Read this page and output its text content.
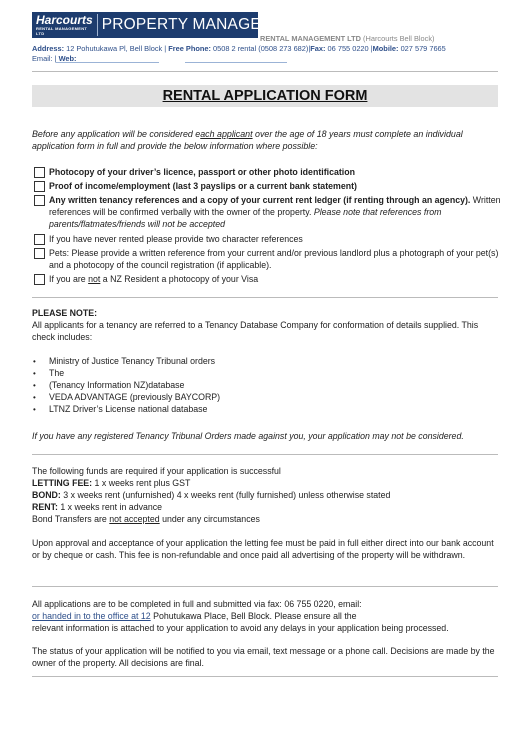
Harcourts
RENTAL MANAGEMENT LTD
PROPERTY MANAGEMENT
RENTAL MANAGEMENT LTD (Harcourts Bell Block)
Address: 12 Pohutukawa Pl, Bell Block | Free Phone: 0508 2 rental (0508 273 682)|Fax: 06 755 0220 |Mobile: 027 579 7665
Email: | Web:
RENTAL APPLICATION FORM
Before any application will be considered each applicant over the age of 18 years must complete an individual application form in full and provide the below information where possible:
Photocopy of your driver’s licence, passport or other photo identification
Proof of income/employment (last 3 payslips or a current bank statement)
Any written tenancy references and a copy of your current rent ledger (if renting through an agency). Written references will be confirmed verbally with the owner of the property. Please note that references from parents/flatmates/friends will not be accepted
If you have never rented please provide two character references
Pets: Please provide a written reference from your current and/or previous landlord plus a photograph of your pet(s) and a photocopy of the council registration (if applicable).
If you are not a NZ Resident a photocopy of your Visa
PLEASE NOTE:
All applicants for a tenancy are referred to a Tenancy Database Company for conformation of details supplied. This check includes:
• Ministry of Justice Tenancy Tribunal orders
• The
• (Tenancy Information NZ)database
• VEDA ADVANTAGE (previously BAYCORP)
• LTNZ Driver’s License national database
If you have any registered Tenancy Tribunal Orders made against you, your application may not be considered.
The following funds are required if your application is successful
LETTING FEE: 1 x weeks rent plus GST
BOND: 3 x weeks rent (unfurnished) 4 x weeks rent (fully furnished) unless otherwise stated
RENT: 1 x weeks rent in advance
Bond Transfers are not accepted under any circumstances
Upon approval and acceptance of your application the letting fee must be paid in full either direct into our bank account or by cheque or cash. This fee is non-refundable and once paid all advertising of the property will be withdrawn.
All applications are to be completed in full and submitted via fax: 06 755 0220, email:
or handed in to the office at 12 Pohutukawa Place, Bell Block. Please ensure all the
relevant information is attached to your application to avoid any delays in your application being processed.
The status of your application will be notified to you via email, text message or a phone call. Decisions are made by the owner of the property. All decisions are final.
